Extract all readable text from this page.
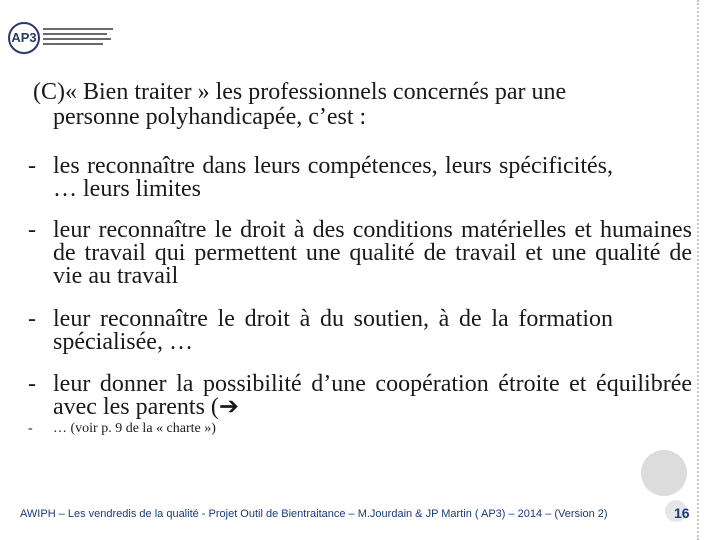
AP3
(C)« Bien traiter » les professionnels concernés par une
personne polyhandicapée, c’est :
- les reconnaître dans leurs compétences, leurs spécificités, … leurs limites
- leur reconnaître le droit à des conditions matérielles et humaines de travail qui permettent une qualité de travail et une qualité de vie au travail
- leur reconnaître le droit à du soutien, à de la formation spécialisée, …
- leur donner la possibilité d’une coopération étroite et équilibrée avec les parents (➔
- … (voir p. 9 de la « charte »)
AWIPH – Les vendredis de la qualité - Projet Outil de Bientraitance – M.Jourdain & JP Martin ( AP3) – 2014 – (Version 2)	16
